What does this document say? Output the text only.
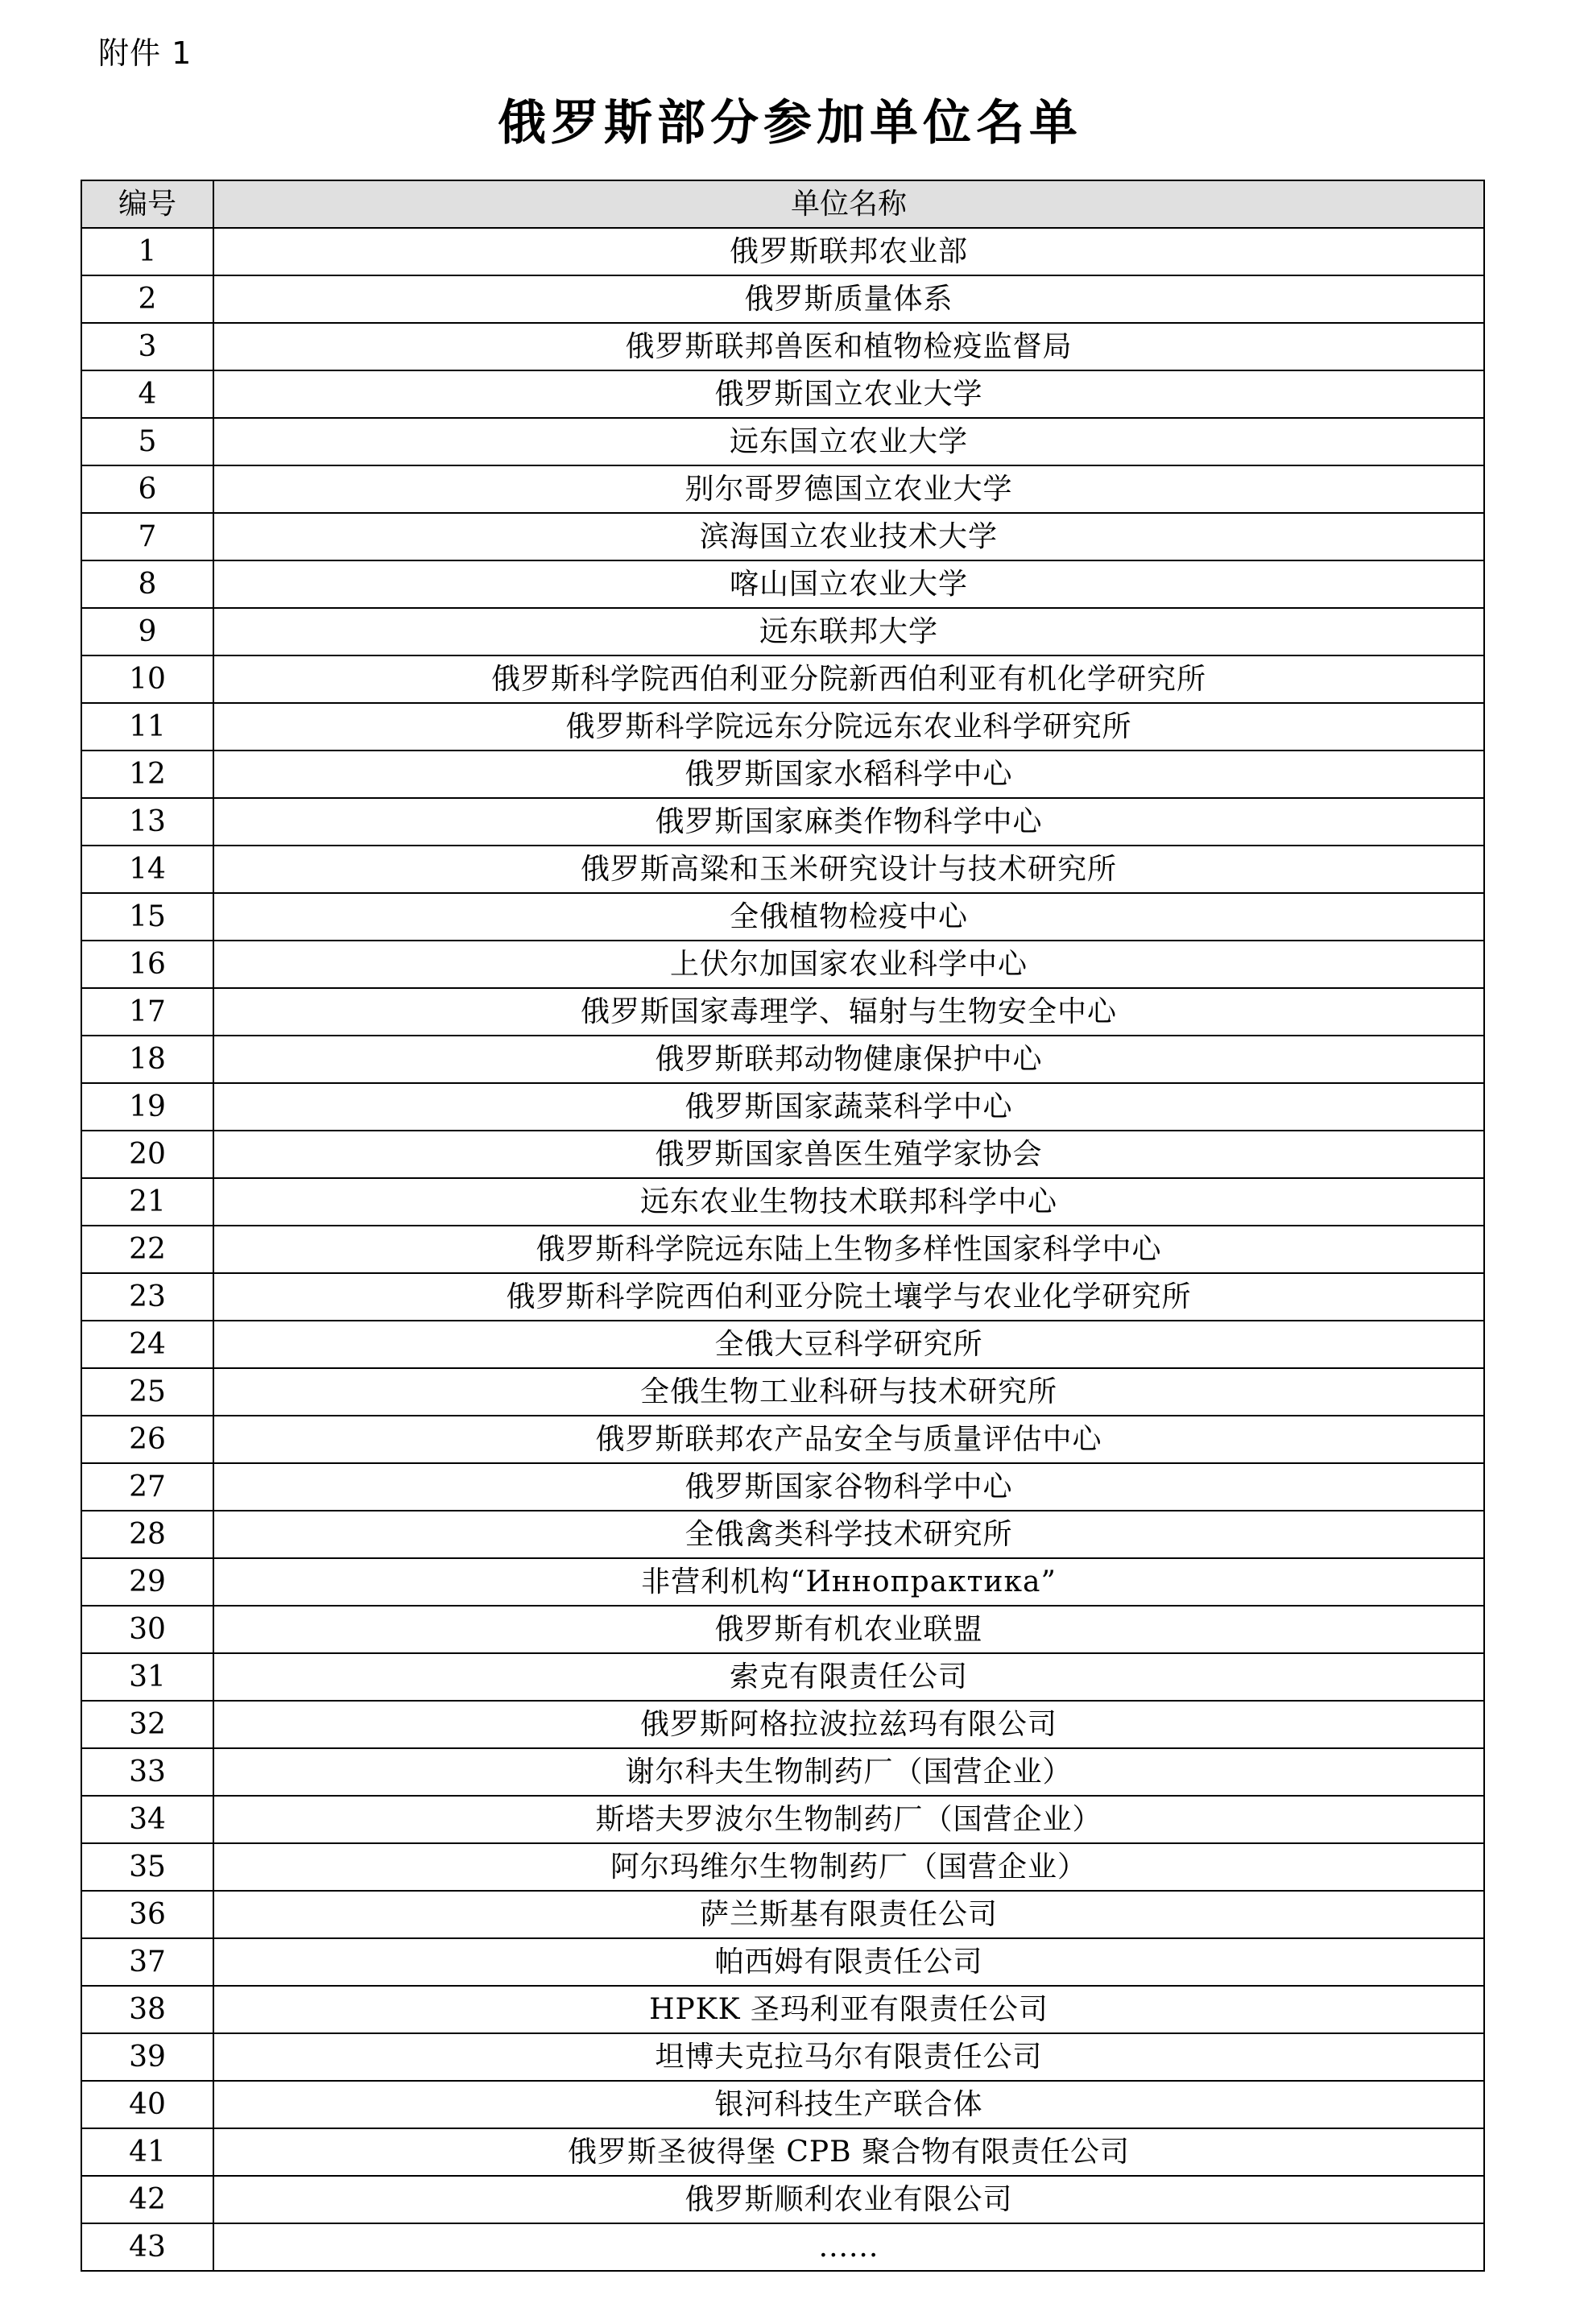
附件 1
俄罗斯部分参加单位名单
编号	单位名称
1	俄罗斯联邦农业部
2	俄罗斯质量体系
3	俄罗斯联邦兽医和植物检疫监督局
4	俄罗斯国立农业大学
5	远东国立农业大学
6	别尔哥罗德国立农业大学
7	滨海国立农业技术大学
8	喀山国立农业大学
9	远东联邦大学
10	俄罗斯科学院西伯利亚分院新西伯利亚有机化学研究所
11	俄罗斯科学院远东分院远东农业科学研究所
12	俄罗斯国家水稻科学中心
13	俄罗斯国家麻类作物科学中心
14	俄罗斯高粱和玉米研究设计与技术研究所
15	全俄植物检疫中心
16	上伏尔加国家农业科学中心
17	俄罗斯国家毒理学、辐射与生物安全中心
18	俄罗斯联邦动物健康保护中心
19	俄罗斯国家蔬菜科学中心
20	俄罗斯国家兽医生殖学家协会
21	远东农业生物技术联邦科学中心
22	俄罗斯科学院远东陆上生物多样性国家科学中心
23	俄罗斯科学院西伯利亚分院土壤学与农业化学研究所
24	全俄大豆科学研究所
25	全俄生物工业科研与技术研究所
26	俄罗斯联邦农产品安全与质量评估中心
27	俄罗斯国家谷物科学中心
28	全俄禽类科学技术研究所
29	非营利机构“Иннопрактика”
30	俄罗斯有机农业联盟
31	索克有限责任公司
32	俄罗斯阿格拉波拉兹玛有限公司
33	谢尔科夫生物制药厂（国营企业）
34	斯塔夫罗波尔生物制药厂（国营企业）
35	阿尔玛维尔生物制药厂（国营企业）
36	萨兰斯基有限责任公司
37	帕西姆有限责任公司
38	HPKK 圣玛利亚有限责任公司
39	坦博夫克拉马尔有限责任公司
40	银河科技生产联合体
41	俄罗斯圣彼得堡 CPB 聚合物有限责任公司
42	俄罗斯顺利农业有限公司
43	......
